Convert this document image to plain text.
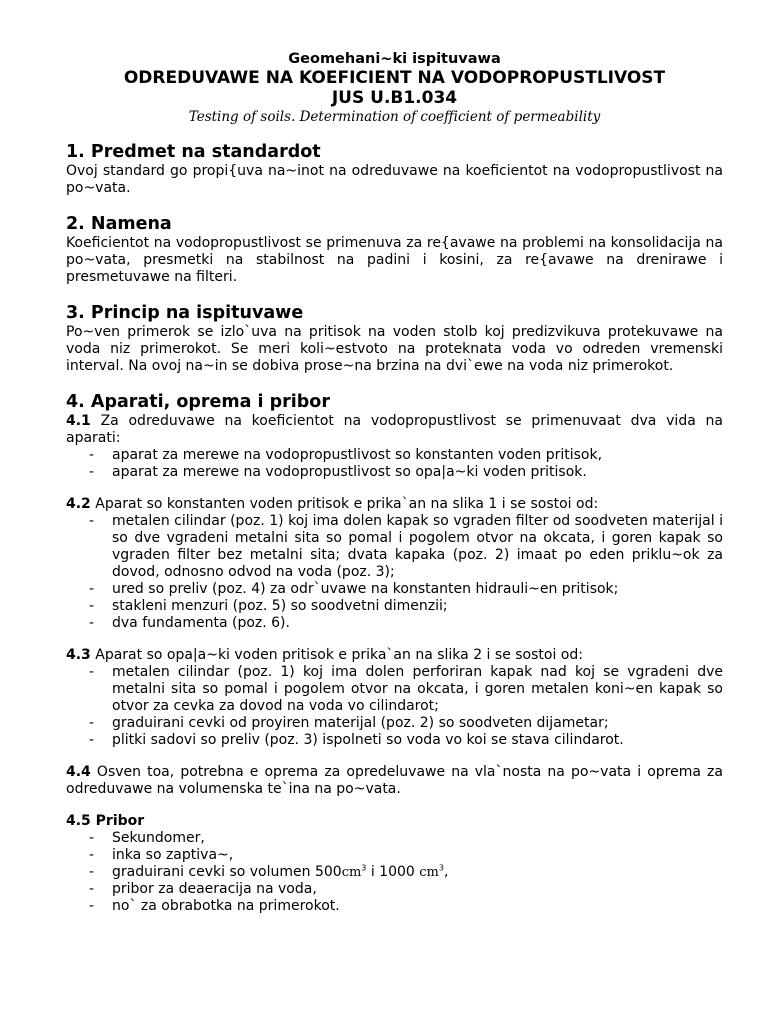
Geomehani~ki ispituvawa
ODREDUVAWE NA KOEFICIENT NA VODOPROPUSTLIVOST
JUS U.B1.034
Testing of soils. Determination of coefficient of permeability
1. Predmet na standardot

Ovoj standard go propi{uva na~inot na odreduvawe na koeficientot na vodopropustlivost na po~vata.

2. Namena

Koeficientot na vodopropustlivost se primenuva za re{avawe na problemi na konsolidacija na po~vata, presmetki na stabilnost na padini i kosini, za re{avawe na drenirawe i presmetuvawe na filteri.

3. Princip na ispituvawe

Po~ven primerok se izlo`uva na pritisok na voden stolb koj predizvikuva protekuvawe na voda niz primerokot. Se meri koli~estvoto na proteknata voda vo odreden vremenski interval. Na ovoj na~in se dobiva prose~na brzina na dvi`ewe na voda niz primerokot.

4. Aparati, oprema i pribor

4.1 Za odreduvawe na koeficientot na vodopropustlivost se primenuvaat dva vida na aparati:

- aparat za merewe na vodopropustlivost so konstanten voden pritisok,
- aparat za merewe na vodopropustlivost so opa|a~ki voden pritisok.

4.2 Aparat so konstanten voden pritisok e prika`an na slika 1 i se sostoi od:

- metalen cilindar (poz. 1) koj ima dolen kapak so vgraden filter od soodveten materijal i so dve vgradeni metalni sita so pomal i pogolem otvor na okcata, i goren kapak so vgraden filter bez metalni sita; dvata kapaka (poz. 2) imaat po eden priklu~ok za dovod, odnosno odvod na voda (poz. 3);
- ured so preliv (poz. 4) za odr`uvawe na konstanten hidrauli~en pritisok;
- stakleni menzuri (poz. 5) so soodvetni dimenzii;
- dva fundamenta (poz. 6).

4.3 Aparat so opa|a~ki voden pritisok e prika`an na slika 2 i se sostoi od:

- metalen cilindar (poz. 1) koj ima dolen perforiran kapak nad koj se vgradeni dve metalni sita so pomal i pogolem otvor na okcata, i goren metalen koni~en kapak so otvor za cevka za dovod na voda vo cilindarot;
- graduirani cevki od proyiren materijal (poz. 2) so soodveten dijametar;
- plitki sadovi so preliv (poz. 3) ispolneti so voda vo koi se stava cilindarot.

4.4 Osven toa, potrebna e oprema za opredeluvawe na vla`nosta na po~vata i oprema za odreduvawe na volumenska te`ina na po~vata.

4.5 Pribor

- Sekundomer,
- inka so zaptiva~,
- graduirani cevki so volumen $500cm^3$ i 1000 $cm^3$,
- pribor za deaeracija na voda,
- no` za obrabotka na primerokot.
